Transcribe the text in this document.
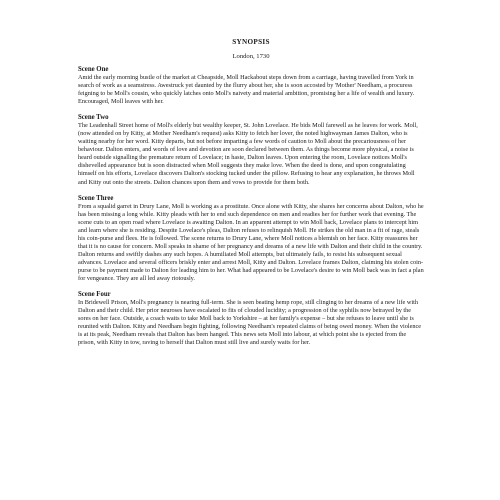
SYNOPSIS
London, 1730
Scene One

Amid the early morning bustle of the market at Cheapside, Moll Hackabout steps down from a carriage, having travelled from York in search of work as a seamstress. Awestruck yet daunted by the flurry about her, she is soon accosted by 'Mother' Needham, a procuress feigning to be Moll's cousin, who quickly latches onto Moll's naivety and material ambition, promising her a life of wealth and luxury. Encouraged, Moll leaves with her.

Scene Two

The Leadenhall Street home of Moll's elderly but wealthy keeper, St. John Lovelace. He bids Moll farewell as he leaves for work. Moll, (now attended on by Kitty, at Mother Needham's request) asks Kitty to fetch her lover, the noted highwayman James Dalton, who is waiting nearby for her word. Kitty departs, but not before imparting a few words of caution to Moll about the precariousness of her behaviour. Dalton enters, and words of love and devotion are soon declared between them. As things become more physical, a noise is heard outside signalling the premature return of Lovelace; in haste, Dalton leaves. Upon entering the room, Lovelace notices Moll's dishevelled appearance but is soon distracted when Moll suggests they make love. When the deed is done, and upon congratulating himself on his efforts, Lovelace discovers Dalton's stocking tucked under the pillow. Refusing to hear any explanation, he throws Moll and Kitty out onto the streets. Dalton chances upon them and vows to provide for them both.

Scene Three

From a squalid garret in Drury Lane, Moll is working as a prostitute. Once alone with Kitty, she shares her concerns about Dalton, who he has been missing a long while. Kitty pleads with her to end such dependence on men and readies her for further work that evening. The scene cuts to an open road where Lovelace is awaiting Dalton. In an apparent attempt to win Moll back, Lovelace plans to intercept him and learn where she is residing. Despite Lovelace's pleas, Dalton refuses to relinquish Moll. He strikes the old man in a fit of rage, steals his coin-purse and flees. He is followed. The scene returns to Drury Lane, where Moll notices a blemish on her face. Kitty reassures her that it is no cause for concern. Moll speaks in shame of her pregnancy and dreams of a new life with Dalton and their child in the country. Dalton returns and swiftly dashes any such hopes. A humiliated Moll attempts, but ultimately fails, to resist his subsequent sexual advances. Lovelace and several officers briskly enter and arrest Moll, Kitty and Dalton. Lovelace frames Dalton, claiming his stolen coin-purse to be payment made to Dalton for leading him to her. What had appeared to be Lovelace's desire to win Moll back was in fact a plan for vengeance. They are all led away riotously.

Scene Four

In Bridewell Prison, Moll's pregnancy is nearing full-term. She is seen beating hemp rope, still clinging to her dreams of a new life with Dalton and their child. Her prior neuroses have escalated to fits of clouded lucidity; a progression of the syphilis now betrayed by the sores on her face. Outside, a coach waits to take Moll back to Yorkshire – at her family's expense – but she refuses to leave until she is reunited with Dalton. Kitty and Needham begin fighting, following Needham's repeated claims of being owed money. When the violence is at its peak, Needham reveals that Dalton has been hanged. This news sets Moll into labour, at which point she is ejected from the prison, with Kitty in tow, raving to herself that Dalton must still live and surely waits for her.
